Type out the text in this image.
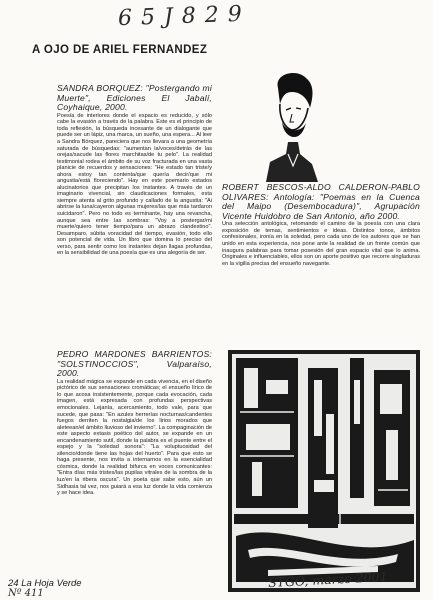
6 5 J 8 2 9
A OJO DE ARIEL FERNANDEZ

SANDRA BORQUEZ: "Postergando mi Muerte", Ediciones El Jabalí, Coyhaique, 2000.

Poesía de interiores donde el espacio es reducido, y sólo cabe la evasión a través de la palabra. Este es el principio de toda reflexión, la búsqueda incesante de un dialogante que puede ser un lápiz, una marca, un sueño, una espera... Al leer a Sandra Bórquez, pareciera que nos llevara a una geometría saturada de búsquedas: "aumentan la/voces/detrás de las orejas/sacude las flores marchitas/de tu pelo". La realidad testimonial rodea el ámbito de su voz fracturada en una vasta planicie de recuerdos y sensaciones: "He estado tan triste/y ahora estoy tan contenta/que quería decir/que mi angustia/está floreciendo". Hay en este poemario estados alucinatorios que precipitan los instantes. A través de un imaginario vivencial, sin claudicaciones formales, esta siempre atenta al grito profundo y callado de la angustia: "Ai abrirse la luna/cayeron algunas mujeres/las que más tardaron suicidaron". Pero no todo es terminante, hay una revancha, aunque sea entre las sombras: "Voy a postergar/mi muerte/quiero tener tiempo/para un abrazo clandestino". Desamparo, súbita voracidad del tiempo, evasión, todo ello son potencial de vida. Un libro que domina lo preciso del verso, para sentir como los instantes dejan llagas profundas, en la sensibilidad de una poesía que es una alegoría de ser.

PEDRO MARDONES BARRIENTOS: "SOLSTINOCCIOS", Valparaíso, 2000.

La realidad mágica se expande en cada vivencia, en el diseño pictórico de sus sensaciones cromáticas; el ensueño lírico de lo que acosa insistentemente, porque cada evocación, cada imagen, está expresada con profundas perspectivas emocionales. Lejanía, acercamiento, todo vale, para que sucede, que pasa: "En azules herrerías nocturnas/candentes fuegos derriten la nostalgia/de los lirios morados que aleteean/el ámbito lluvioso del invierno". La compaginación de este aspecto extasis poético del autor, se expande en un encandenamiento sutil, donde la palabra es el puente entre el espejo y la "soledad sonora": "La voluptuosidad del silencio/donde tiene las hojas del huerto". Para que esto se haga presente, nos invita a internarnos en la esencialidad cósmica, donde la realidad bifurca en voces comunicantes: "Entra días más tristes/las pupilas vitrales de la sombra de la luz/en la ribera oscura". Un poeta que sabe esto, aún un Sidhasia tal vez, nos guiará a esa luz donde la vida comienza y se hace idea.

ROBERT BESCOS-ALDO CALDERON-PABLO OLIVARES: Antología: "Poemas en la Cuenca del Maipo (Desembocadura)", Agrupación Vicente Huidobro de San Antonio, año 2000.

Una selección antológica, retomando el camino de la poesía con una clara exposición de temas, sentimientos e ideas. Distintos tonos, ámbitos confesionales, ironía en la soledad, pero cada uno de los autores que se han unido en esta experiencia, nos pone ante la realidad de un frente común que inaugura palabras para tomar posesión del gran espacio vital que lo anima. Originales e influenciables, ellos son un aporte positivo que recorre singladuras en la vigilia precisa del ensueño navegante.

24 La Hoja Verde
Nº 411
STGO, marzo 2001
